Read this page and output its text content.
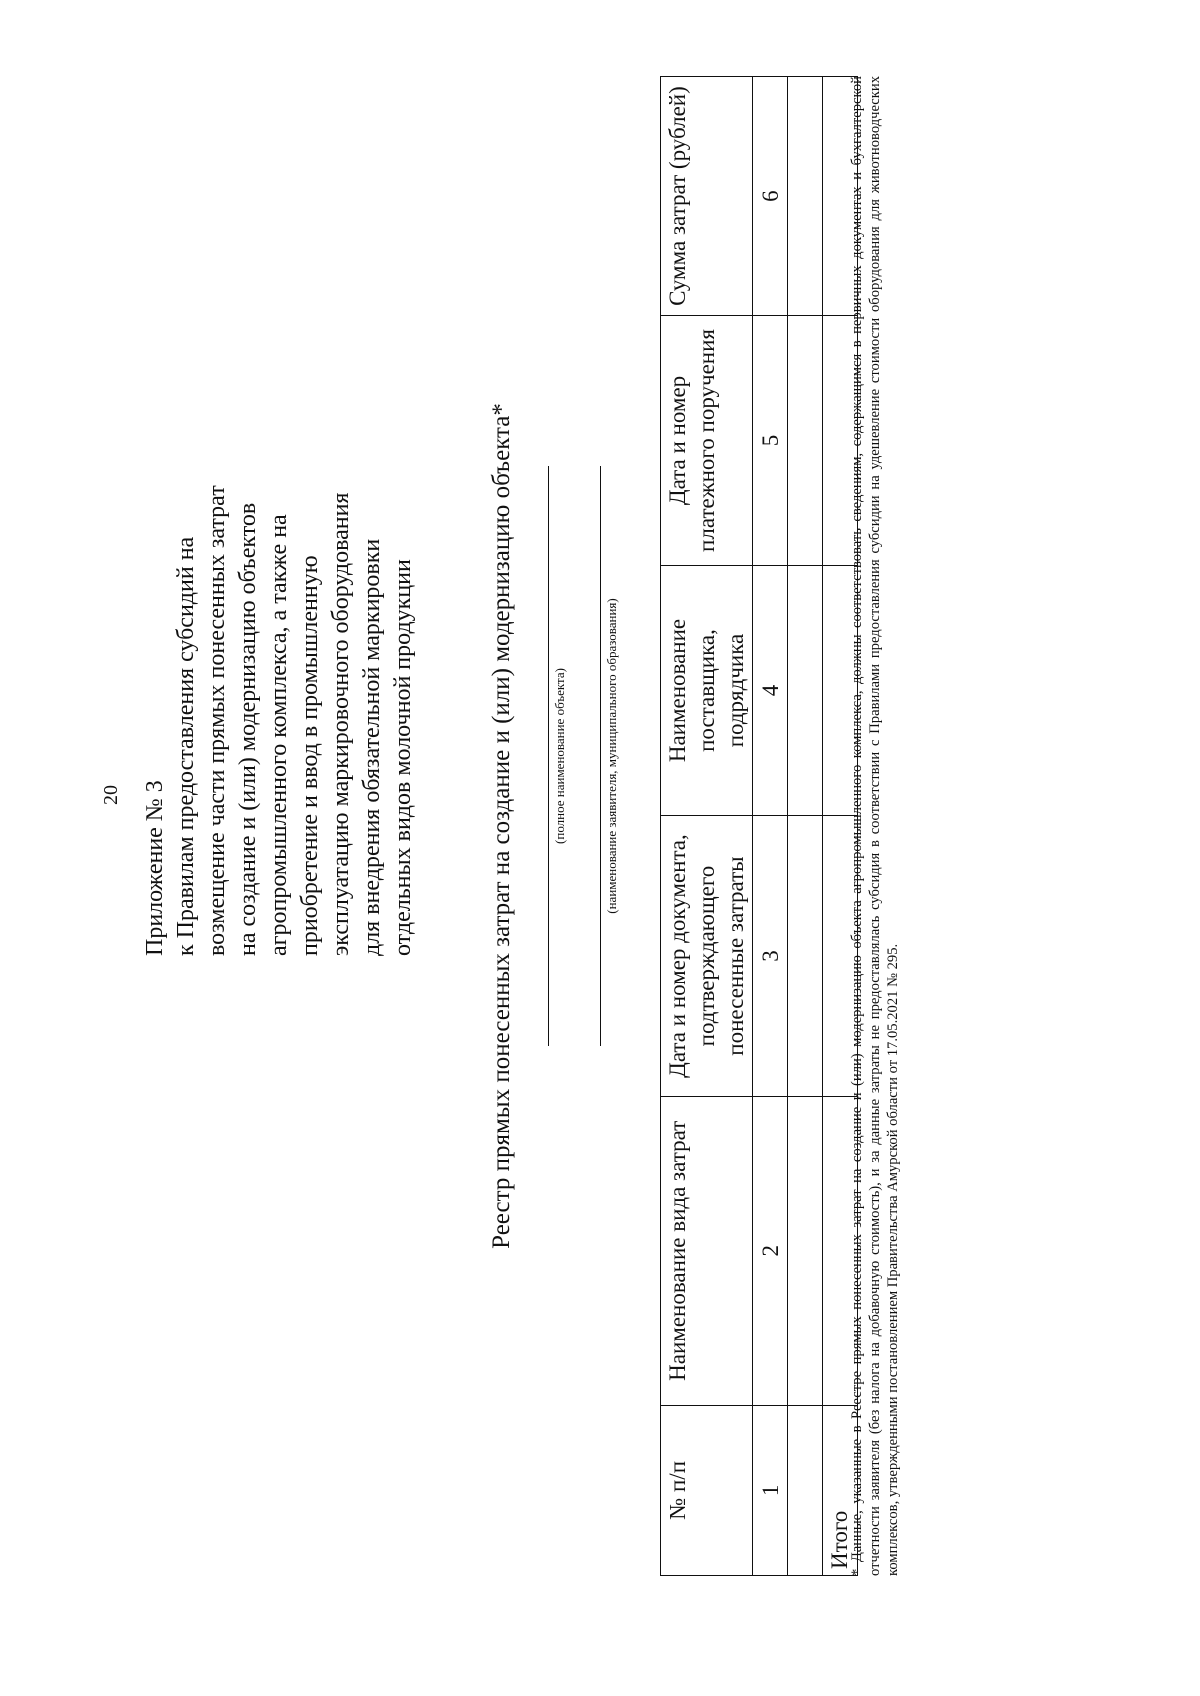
20 Приложение № 3 к Правилам предоставления субсидий на возмещение части прямых понесенных затрат на создание и (или) модернизацию объектов агропромышленного комплекса, а также на приобретение и ввод в промышленную эксплуатацию маркировочного оборудования для внедрения обязательной маркировки отдельных видов молочной продукции	Реестр прямых понесенных затрат на создание и (или) модернизацию объекта*	(полное наименование объекта)	(наименование заявителя, муниципального образования)
№ п/п	Наименование вида затрат	Дата и номер документа, подтверждающего понесенные затраты	Наименование поставщика, подрядчика	Дата и номер платежного поручения	Сумма затрат (рублей)
1	2	3	4	5	6

Итого					
* Данные, указанные в Реестре прямых понесенных затрат на создание и (или) модернизацию объекта агропромышленного комплекса, должны соответствовать сведениям, содержащимся в первичных документах и бухгалтерской отчетности заявителя (без налога на добавочную стоимость), и за данные затраты не предоставлялась субсидия в соответствии с Правилами предоставления субсидии на удешевление стоимости оборудования для животноводческих комплексов, утвержденными постановлением Правительства Амурской области от 17.05.2021 № 295.
